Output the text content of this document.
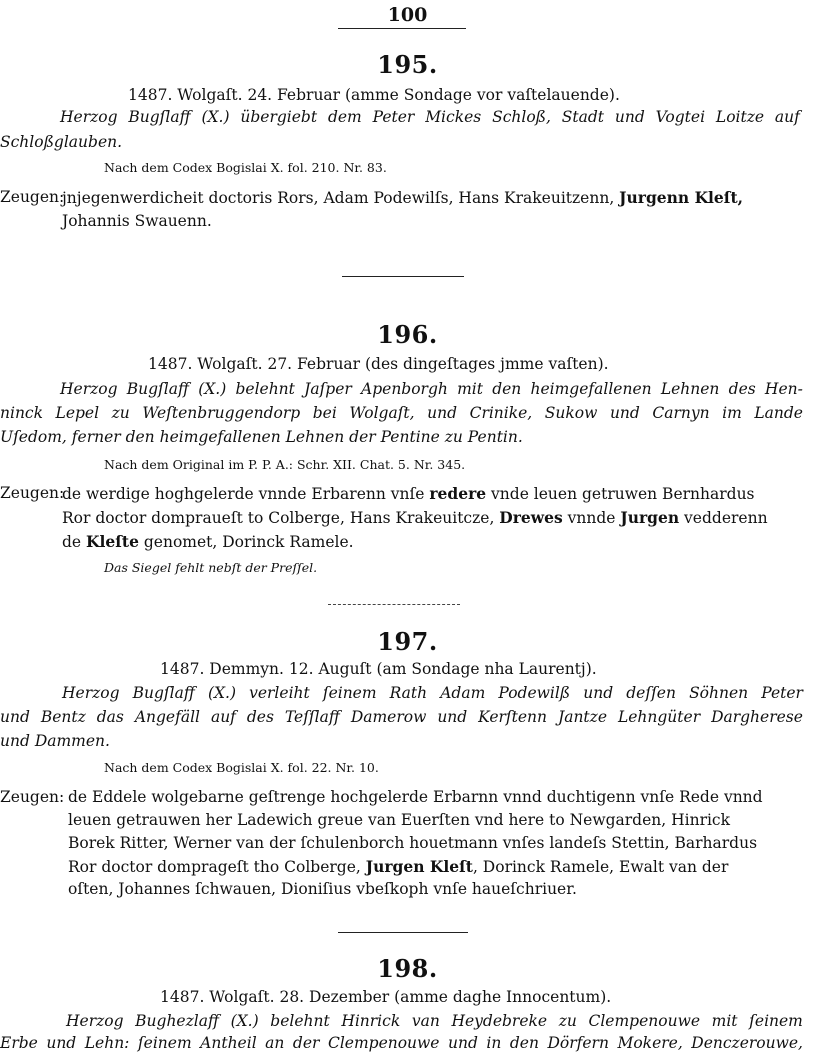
100
195.
1487. Wolgaſt. 24. Februar (amme Sondage vor vaſtelauende).
Herzog Bugſlaff (X.) übergiebt dem Peter Mickes Schloß, Stadt und Vogtei Loitze auf
Schloßglauben.
Nach dem Codex Bogislai X. fol. 210. Nr. 83.
Zeugen:
jnjegenwerdicheit doctoris Rors, Adam Podewilſs, Hans Krakeuitzenn, Jurgenn Kleſt,
Johannis Swauenn.
196.
1487. Wolgaſt. 27. Februar (des dingeſtages jmme vaſten).
Herzog Bugſlaff (X.) belehnt Jaſper Apenborgh mit den heimgefallenen Lehnen des Hen-
ninck Lepel zu Weſtenbruggendorp bei Wolgaſt, und Crinike, Sukow und Carnyn im Lande
Uſedom, ferner den heimgefallenen Lehnen der Pentine zu Pentin.
Nach dem Original im P. P. A.: Schr. XII. Chat. 5. Nr. 345.
Zeugen:
de werdige hoghgelerde vnnde Erbarenn vnſe redere vnde leuen getruwen Bernhardus
Ror doctor dompraueſt to Colberge, Hans Krakeuitcze, Drewes vnnde Jurgen vedderenn
de Kleſte genomet, Dorinck Ramele.
Das Siegel fehlt nebſt der Preſſel.
197.
1487. Demmyn. 12. Auguſt (am Sondage nha Laurentj).
Herzog Bugſlaff (X.) verleiht ſeinem Rath Adam Podewilß und deſſen Söhnen Peter
und Bentz das Angefäll auf des Teſſlaff Damerow und Kerſtenn Jantze Lehngüter Dargherese
und Dammen.
Nach dem Codex Bogislai X. fol. 22. Nr. 10.
Zeugen: de Eddele wolgebarne geſtrenge hochgelerde Erbarnn vnnd duchtigenn vnſe Rede vnnd
leuen getrauwen her Ladewich greue van Euerſten vnd here to Newgarden, Hinrick
Borek Ritter, Werner van der ſchulenborch houetmann vnſes landeſs Stettin, Barhardus
Ror doctor domprageſt tho Colberge, Jurgen Kleſt, Dorinck Ramele, Ewalt van der
oſten, Johannes ſchwauen, Dioniſius vbeſkoph vnſe haueſchriuer.
198.
1487. Wolgaſt. 28. Dezember (amme daghe Innocentum).
Herzog Bughezlaff (X.) belehnt Hinrick van Heydebreke zu Clempenouwe mit ſeinem
Erbe und Lehn: ſeinem Antheil an der Clempenouwe und in den Dörfern Mokere, Denczerouwe,
